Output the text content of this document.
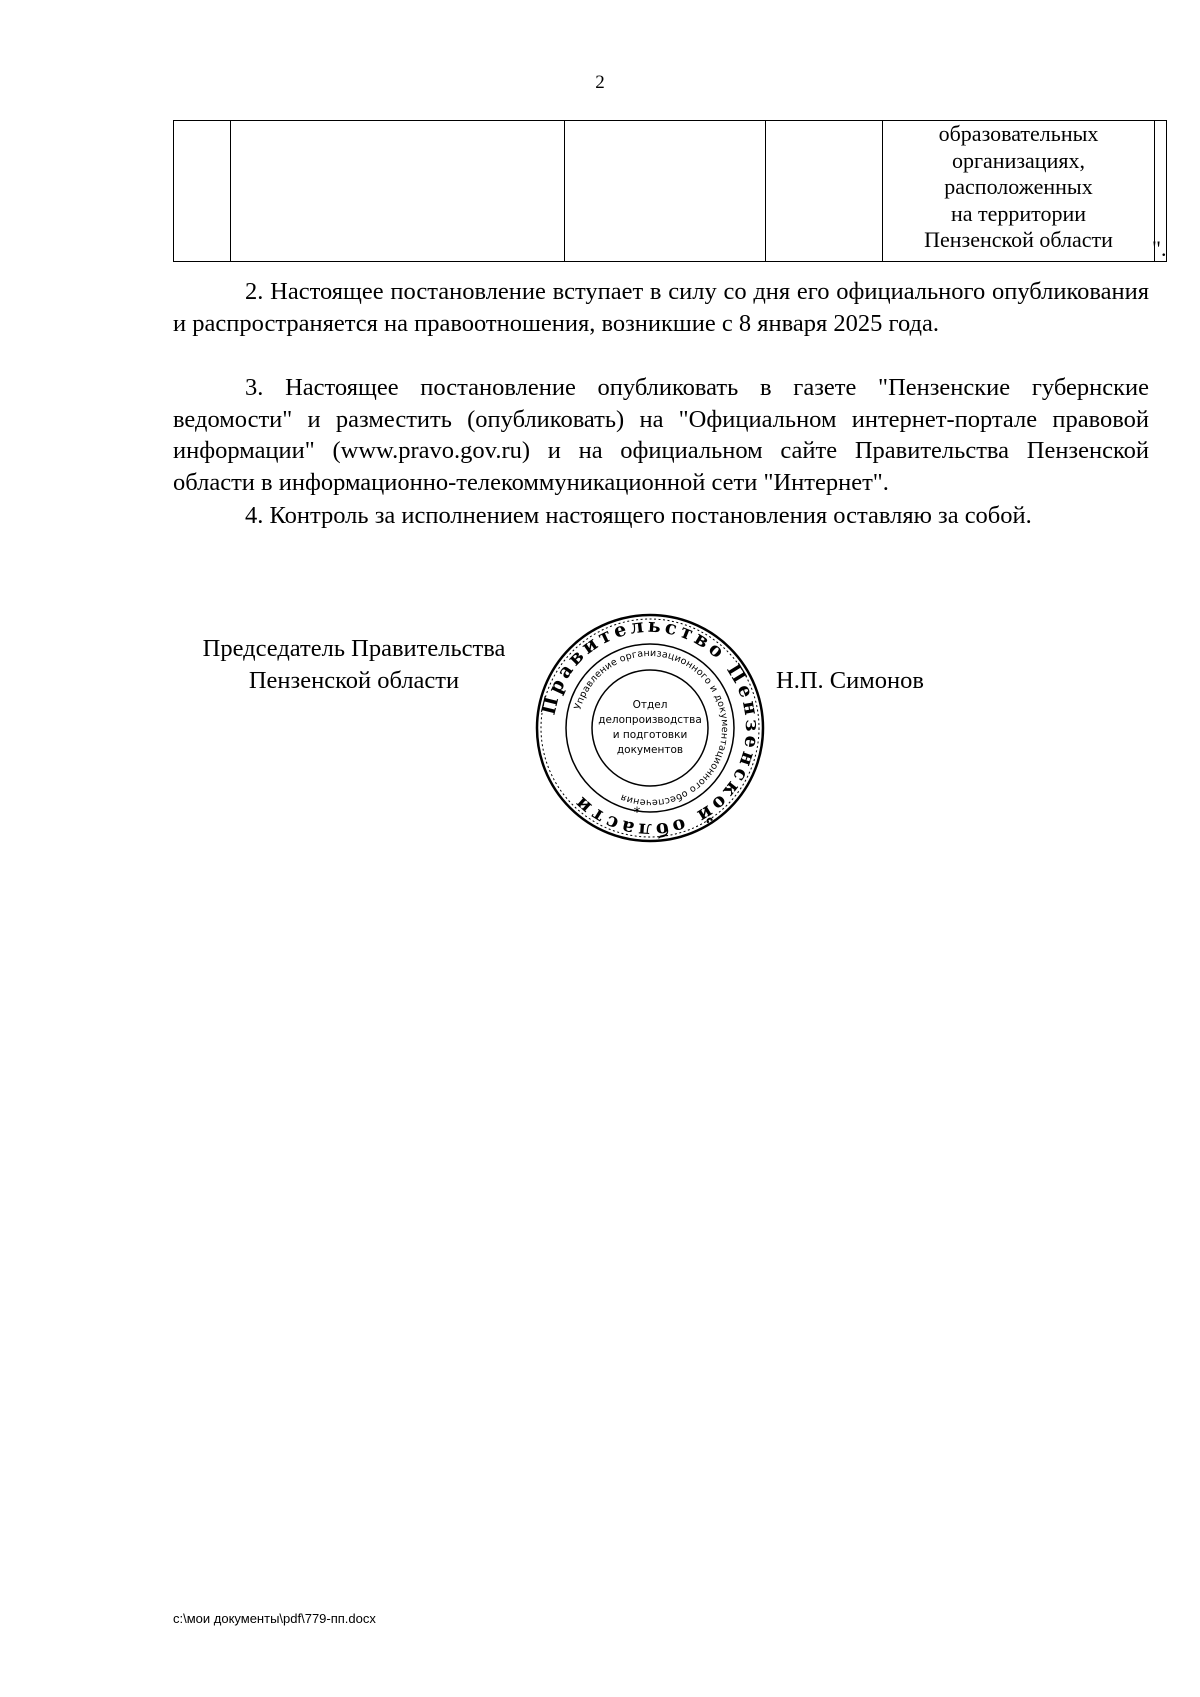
2

образовательных
организациях,
расположенных
на территории
Пензенской области
		".

2. Настоящее постановление вступает в силу со дня его официального опубликования и распространяется на правоотношения, возникшие с 8 января 2025 года.

3. Настоящее постановление опубликовать в газете "Пензенские губернские ведомости" и разместить (опубликовать) на "Официальном интернет-портале правовой информации" (www.pravo.gov.ru) и на официальном сайте Правительства Пензенской области в информационно-телекоммуникационной сети "Интернет".

4. Контроль за исполнением настоящего постановления оставляю за собой.

Председатель Правительства
Пензенской области	Н.П. Симонов
Правительство Пензенской области
Управление организационного и документационного обеспечения
Отдел
делопроизводства
и подготовки
документов
*
c:\мои документы\pdf\779-пп.docx
